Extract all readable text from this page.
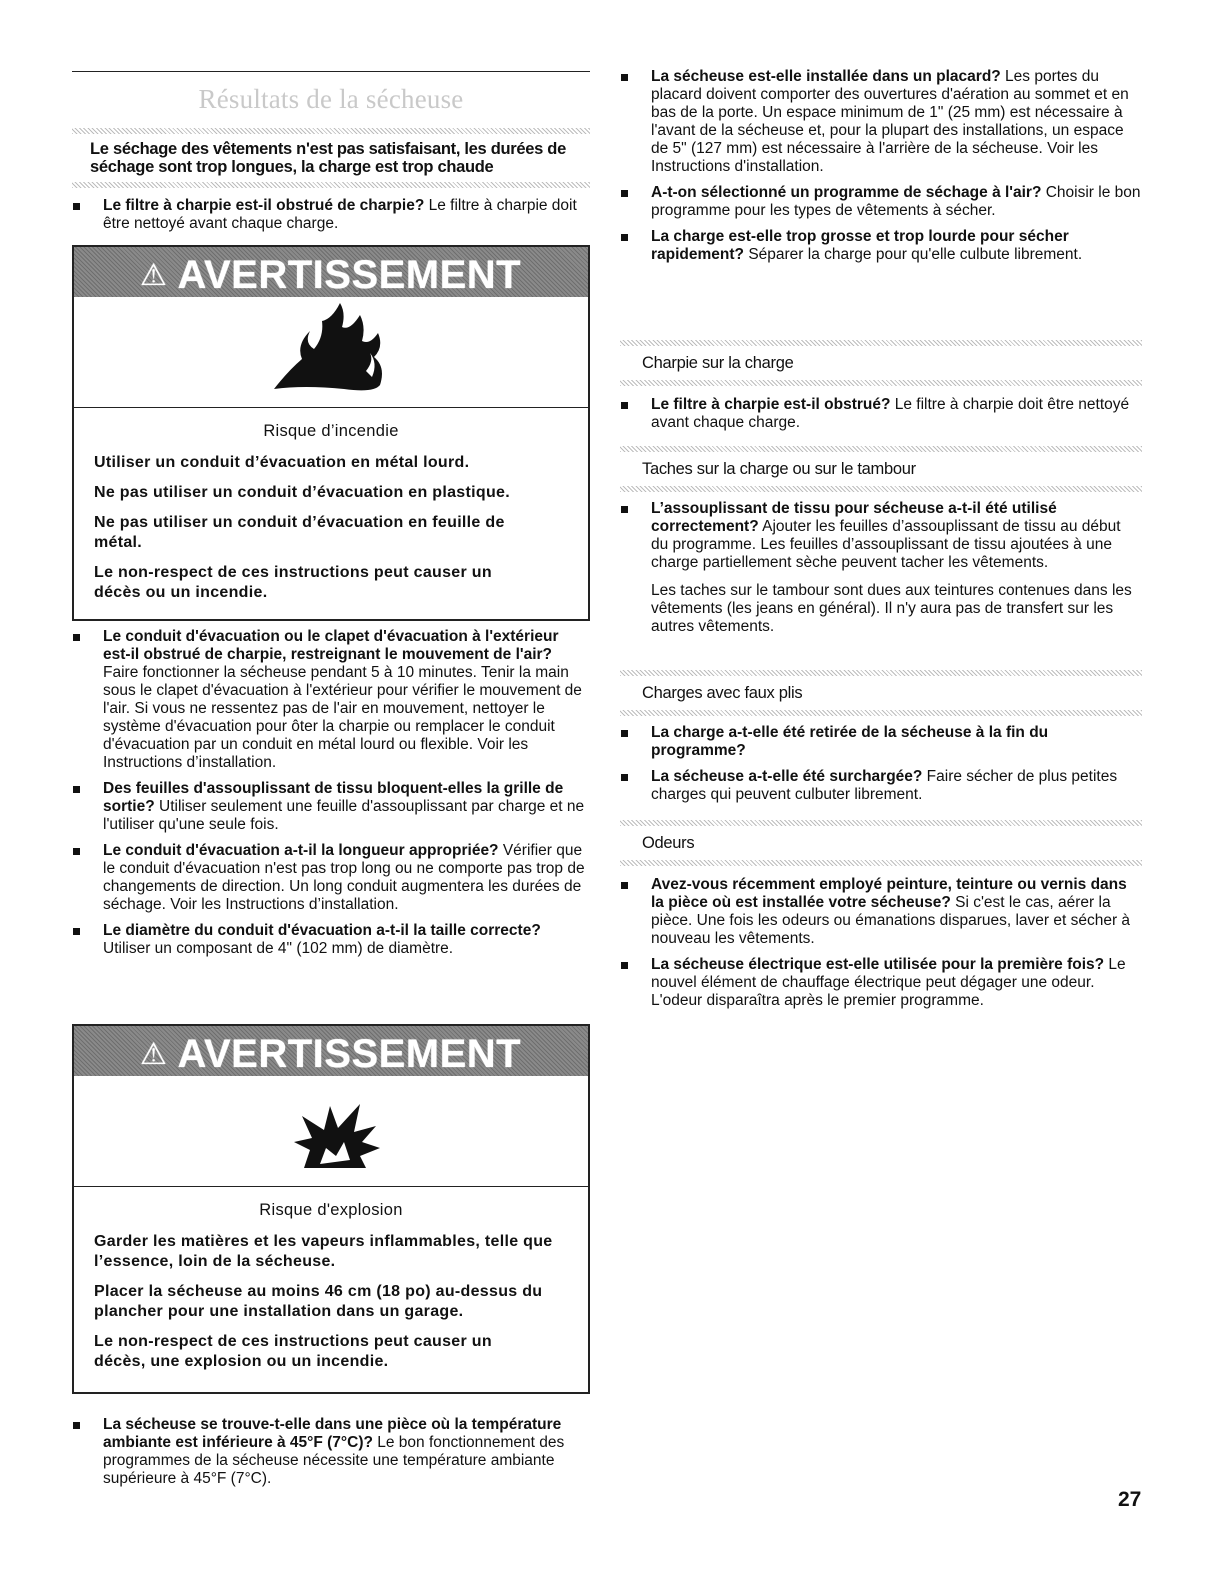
Résultats de la sécheuse
Le séchage des vêtements n'est pas satisfaisant, les durées de séchage sont trop longues, la charge est trop chaude
Le filtre à charpie est-il obstrué de charpie? Le filtre à charpie doit être nettoyé avant chaque charge.
⚠ AVERTISSEMENT

Risque d’incendie

Utiliser un conduit d’évacuation en métal lourd.

Ne pas utiliser un conduit d’évacuation en plastique.

Ne pas utiliser un conduit d’évacuation en feuille de métal.

Le non-respect de ces instructions peut causer un décès ou un incendie.

Le conduit d'évacuation ou le clapet d'évacuation à l'extérieur est-il obstrué de charpie, restreignant le mouvement de l'air? Faire fonctionner la sécheuse pendant 5 à 10 minutes. Tenir la main sous le clapet d'évacuation à l'extérieur pour vérifier le mouvement de l'air. Si vous ne ressentez pas de l'air en mouvement, nettoyer le système d'évacuation pour ôter la charpie ou remplacer le conduit d'évacuation par un conduit en métal lourd ou flexible. Voir les Instructions d’installation.
Des feuilles d'assouplissant de tissu bloquent-elles la grille de sortie? Utiliser seulement une feuille d'assouplissant par charge et ne l'utiliser qu'une seule fois.
Le conduit d'évacuation a-t-il la longueur appropriée? Vérifier que le conduit d'évacuation n'est pas trop long ou ne comporte pas trop de changements de direction. Un long conduit augmentera les durées de séchage. Voir les Instructions d’installation.
Le diamètre du conduit d'évacuation a-t-il la taille correcte? Utiliser un composant de 4" (102 mm) de diamètre.
⚠ AVERTISSEMENT

Risque d'explosion

Garder les matières et les vapeurs inflammables, telle que l’essence, loin de la sécheuse.

Placer la sécheuse au moins 46 cm (18 po) au-dessus du plancher pour une installation dans un garage.

Le non-respect de ces instructions peut causer un décès, une explosion ou un incendie.

La sécheuse se trouve-t-elle dans une pièce où la température ambiante est inférieure à 45°F (7°C)? Le bon fonctionnement des programmes de la sécheuse nécessite une température ambiante supérieure à 45°F (7°C).
La sécheuse est-elle installée dans un placard? Les portes du placard doivent comporter des ouvertures d'aération au sommet et en bas de la porte. Un espace minimum de 1" (25 mm) est nécessaire à l'avant de la sécheuse et, pour la plupart des installations, un espace de 5" (127 mm) est nécessaire à l'arrière de la sécheuse. Voir les Instructions d'installation.
A-t-on sélectionné un programme de séchage à l'air? Choisir le bon programme pour les types de vêtements à sécher.
La charge est-elle trop grosse et trop lourde pour sécher rapidement? Séparer la charge pour qu'elle culbute librement.
Charpie sur la charge
Le filtre à charpie est-il obstrué? Le filtre à charpie doit être nettoyé avant chaque charge.
Taches sur la charge ou sur le tambour
L’assouplissant de tissu pour sécheuse a-t-il été utilisé correctement? Ajouter les feuilles d’assouplissant de tissu au début du programme. Les feuilles d’assouplissant de tissu ajoutées à une charge partiellement sèche peuvent tacher les vêtements.

Les taches sur le tambour sont dues aux teintures contenues dans les vêtements (les jeans en général). Il n'y aura pas de transfert sur les autres vêtements.

Charges avec faux plis
La charge a-t-elle été retirée de la sécheuse à la fin du programme?
La sécheuse a-t-elle été surchargée? Faire sécher de plus petites charges qui peuvent culbuter librement.
Odeurs
Avez-vous récemment employé peinture, teinture ou vernis dans la pièce où est installée votre sécheuse? Si c'est le cas, aérer la pièce. Une fois les odeurs ou émanations disparues, laver et sécher à nouveau les vêtements.
La sécheuse électrique est-elle utilisée pour la première fois? Le nouvel élément de chauffage électrique peut dégager une odeur. L'odeur disparaîtra après le premier programme.
27
